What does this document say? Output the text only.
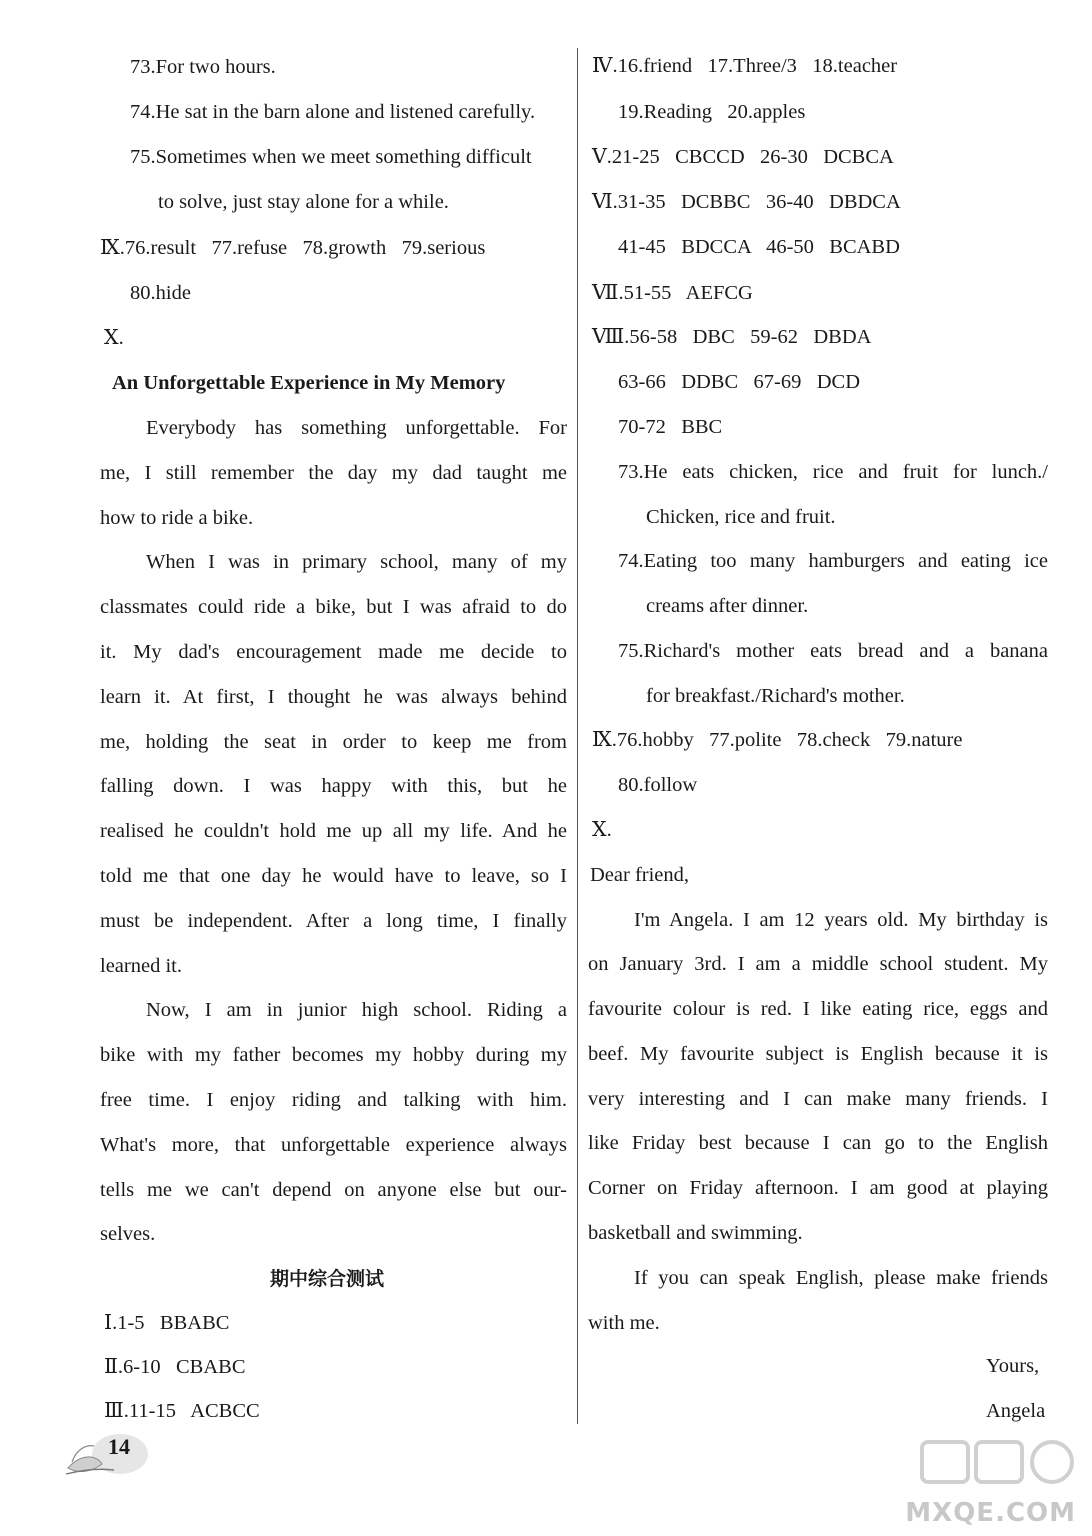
73.For two hours.
74.He sat in the barn alone and listened carefully.
75.Sometimes when we meet something difficult
to solve, just stay alone for a while.
Ⅸ.76.result   77.refuse   78.growth   79.serious
80.hide
Ⅹ.
An Unforgettable Experience in My Memory
Everybody has something unforgettable. For
me, I still remember the day my dad taught me
how to ride a bike.
When I was in primary school, many of my
classmates could ride a bike, but I was afraid to do
it. My dad's encouragement made me decide to
learn it. At first, I thought he was always behind
me, holding the seat in order to keep me from
falling down. I was happy with this, but he
realised he couldn't hold me up all my life. And he
told me that one day he would have to leave, so I
must be independent. After a long time, I finally
learned it.
Now, I am in junior high school. Riding a
bike with my father becomes my hobby during my
free time. I enjoy riding and talking with him.
What's more, that unforgettable experience always
tells me we can't depend on anyone else but our-
selves.
期中综合测试
Ⅰ.1-5   BBABC
Ⅱ.6-10   CBABC
Ⅲ.11-15   ACBCC
Ⅳ.16.friend   17.Three/3   18.teacher
19.Reading   20.apples
Ⅴ.21-25   CBCCD   26-30   DCBCA
Ⅵ.31-35   DCBBC   36-40   DBDCA
41-45   BDCCA   46-50   BCABD
Ⅶ.51-55   AEFCG
Ⅷ.56-58   DBC   59-62   DBDA
63-66   DDBC   67-69   DCD
70-72   BBC
73.He eats chicken, rice and fruit for lunch./
Chicken, rice and fruit.
74.Eating too many hamburgers and eating ice
creams after dinner.
75.Richard's mother eats bread and a banana
for breakfast./Richard's mother.
Ⅸ.76.hobby   77.polite   78.check   79.nature
80.follow
Ⅹ.
Dear friend,
I'm Angela. I am 12 years old. My birthday is
on January 3rd. I am a middle school student. My
favourite colour is red. I like eating rice, eggs and
beef. My favourite subject is English because it is
very interesting and I can make many friends. I
like Friday best because I can go to the English
Corner on Friday afternoon. I am good at playing
basketball and swimming.
If you can speak English, please make friends
with me.
Yours,
Angela
14
MXQE.COM
